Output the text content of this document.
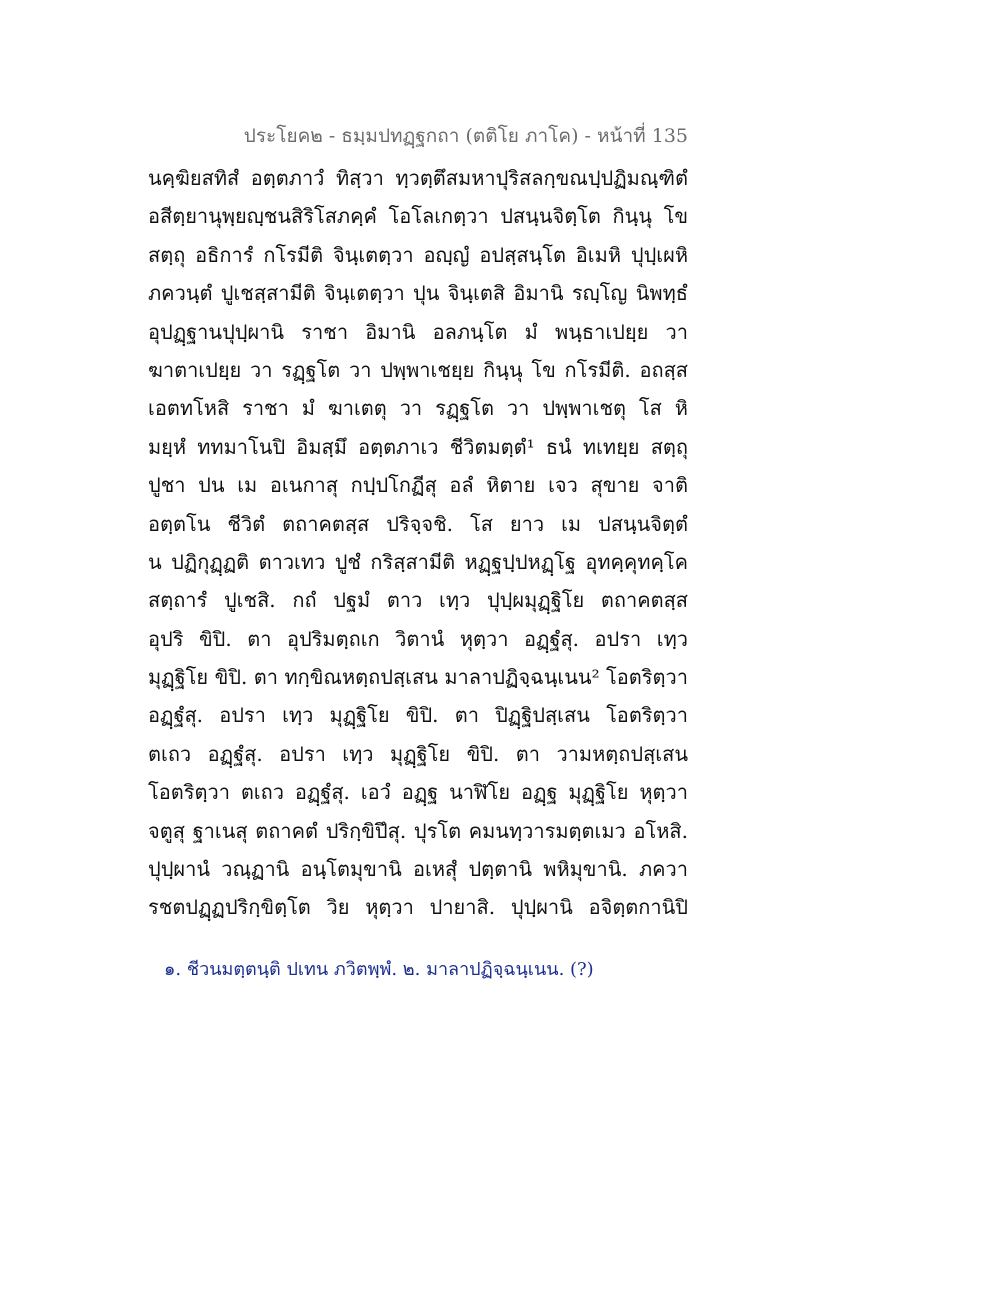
ประโยค๒ - ธมฺมปทฏฺฐกถา (ตติโย ภาโค) - หน้าที่ 135
นคฺฆิยสทิสํ อตฺตภาวํ ทิสฺวา ทฺวตฺตึสมหาปุริสลกฺขณปฺปฏิมณฺฑิตํ
อสีตฺยานุพฺยญฺชนสิริโสภคฺคํ โอโลเกตฺวา ปสนฺนจิตฺโต กินฺนุ โข
สตฺถุ อธิการํ กโรมีติ จินฺเตตฺวา อญฺญํ อปสฺสนฺโต อิเมหิ ปุปฺเผหิ
ภควนฺตํ ปูเชสฺสามีติ จินฺเตตฺวา ปุน จินฺเตสิ อิมานิ รญฺโญ นิพทฺธํ
อุปฏฺฐานปุปฺผานิ ราชา อิมานิ อลภนฺโต มํ พนฺธาเปยฺย วา
ฆาตาเปยฺย วา รฏฺฐโต วา ปพฺพาเชยฺย กินฺนุ โข กโรมีติ. อถสฺส
เอตทโหสิ ราชา มํ ฆาเตตุ วา รฏฺฐโต วา ปพฺพาเชตุ โส หิ
มยฺหํ ททมาโนปิ อิมสฺมึ อตฺตภาเว ชีวิตมตฺตํ¹ ธนํ ทเทยฺย สตฺถุ
ปูชา ปน เม อเนกาสุ กปฺปโกฏีสุ อลํ หิตาย เจว สุขาย จาติ
อตฺตโน ชีวิตํ ตถาคตสฺส ปริจฺจชิ. โส ยาว เม ปสนฺนจิตฺตํ
น ปฏิกุฏฺฏติ ตาวเทว ปูชํ กริสฺสามีติ หฏฺฐปฺปหฏฺโฐ อุทคฺคุทคฺโค
สตฺถารํ ปูเชสิ. กถํ ปฐมํ ตาว เทฺว ปุปฺผมุฏฺฐิโย ตถาคตสฺส
อุปริ ขิปิ. ตา อุปริมตฺถเก วิตานํ หุตฺวา อฏฺฐํสุ. อปรา เทฺว
มุฏฺฐิโย ขิปิ. ตา ทกฺขิณหตฺถปสฺเสน มาลาปฏิจฺฉนฺเนน² โอตริตฺวา
อฏฺฐํสุ. อปรา เทฺว มุฏฺฐิโย ขิปิ. ตา ปิฏฺฐิปสฺเสน โอตริตฺวา
ตเถว อฏฺฐํสุ. อปรา เทฺว มุฏฺฐิโย ขิปิ. ตา วามหตฺถปสฺเสน
โอตริตฺวา ตเถว อฏฺฐํสุ. เอวํ อฏฺฐ นาฬิโย อฏฺฐ มุฏฺฐิโย หุตฺวา
จตูสุ ฐาเนสุ ตถาคตํ ปริกฺขิปึสุ. ปุรโต คมนทฺวารมตฺตเมว อโหสิ.
ปุปฺผานํ วณฺฏานิ อนฺโตมุขานิ อเหสุํ ปตฺตานิ พหิมุขานิ. ภควา
รชตปฏฺฏปริกฺขิตฺโต วิย หุตฺวา ปายาสิ. ปุปฺผานิ อจิตฺตกานิปิ
๑. ชีวนมตฺตนฺติ ปเทน ภวิตพฺพํ. ๒. มาลาปฏิจฺฉนฺเนน. (?)
